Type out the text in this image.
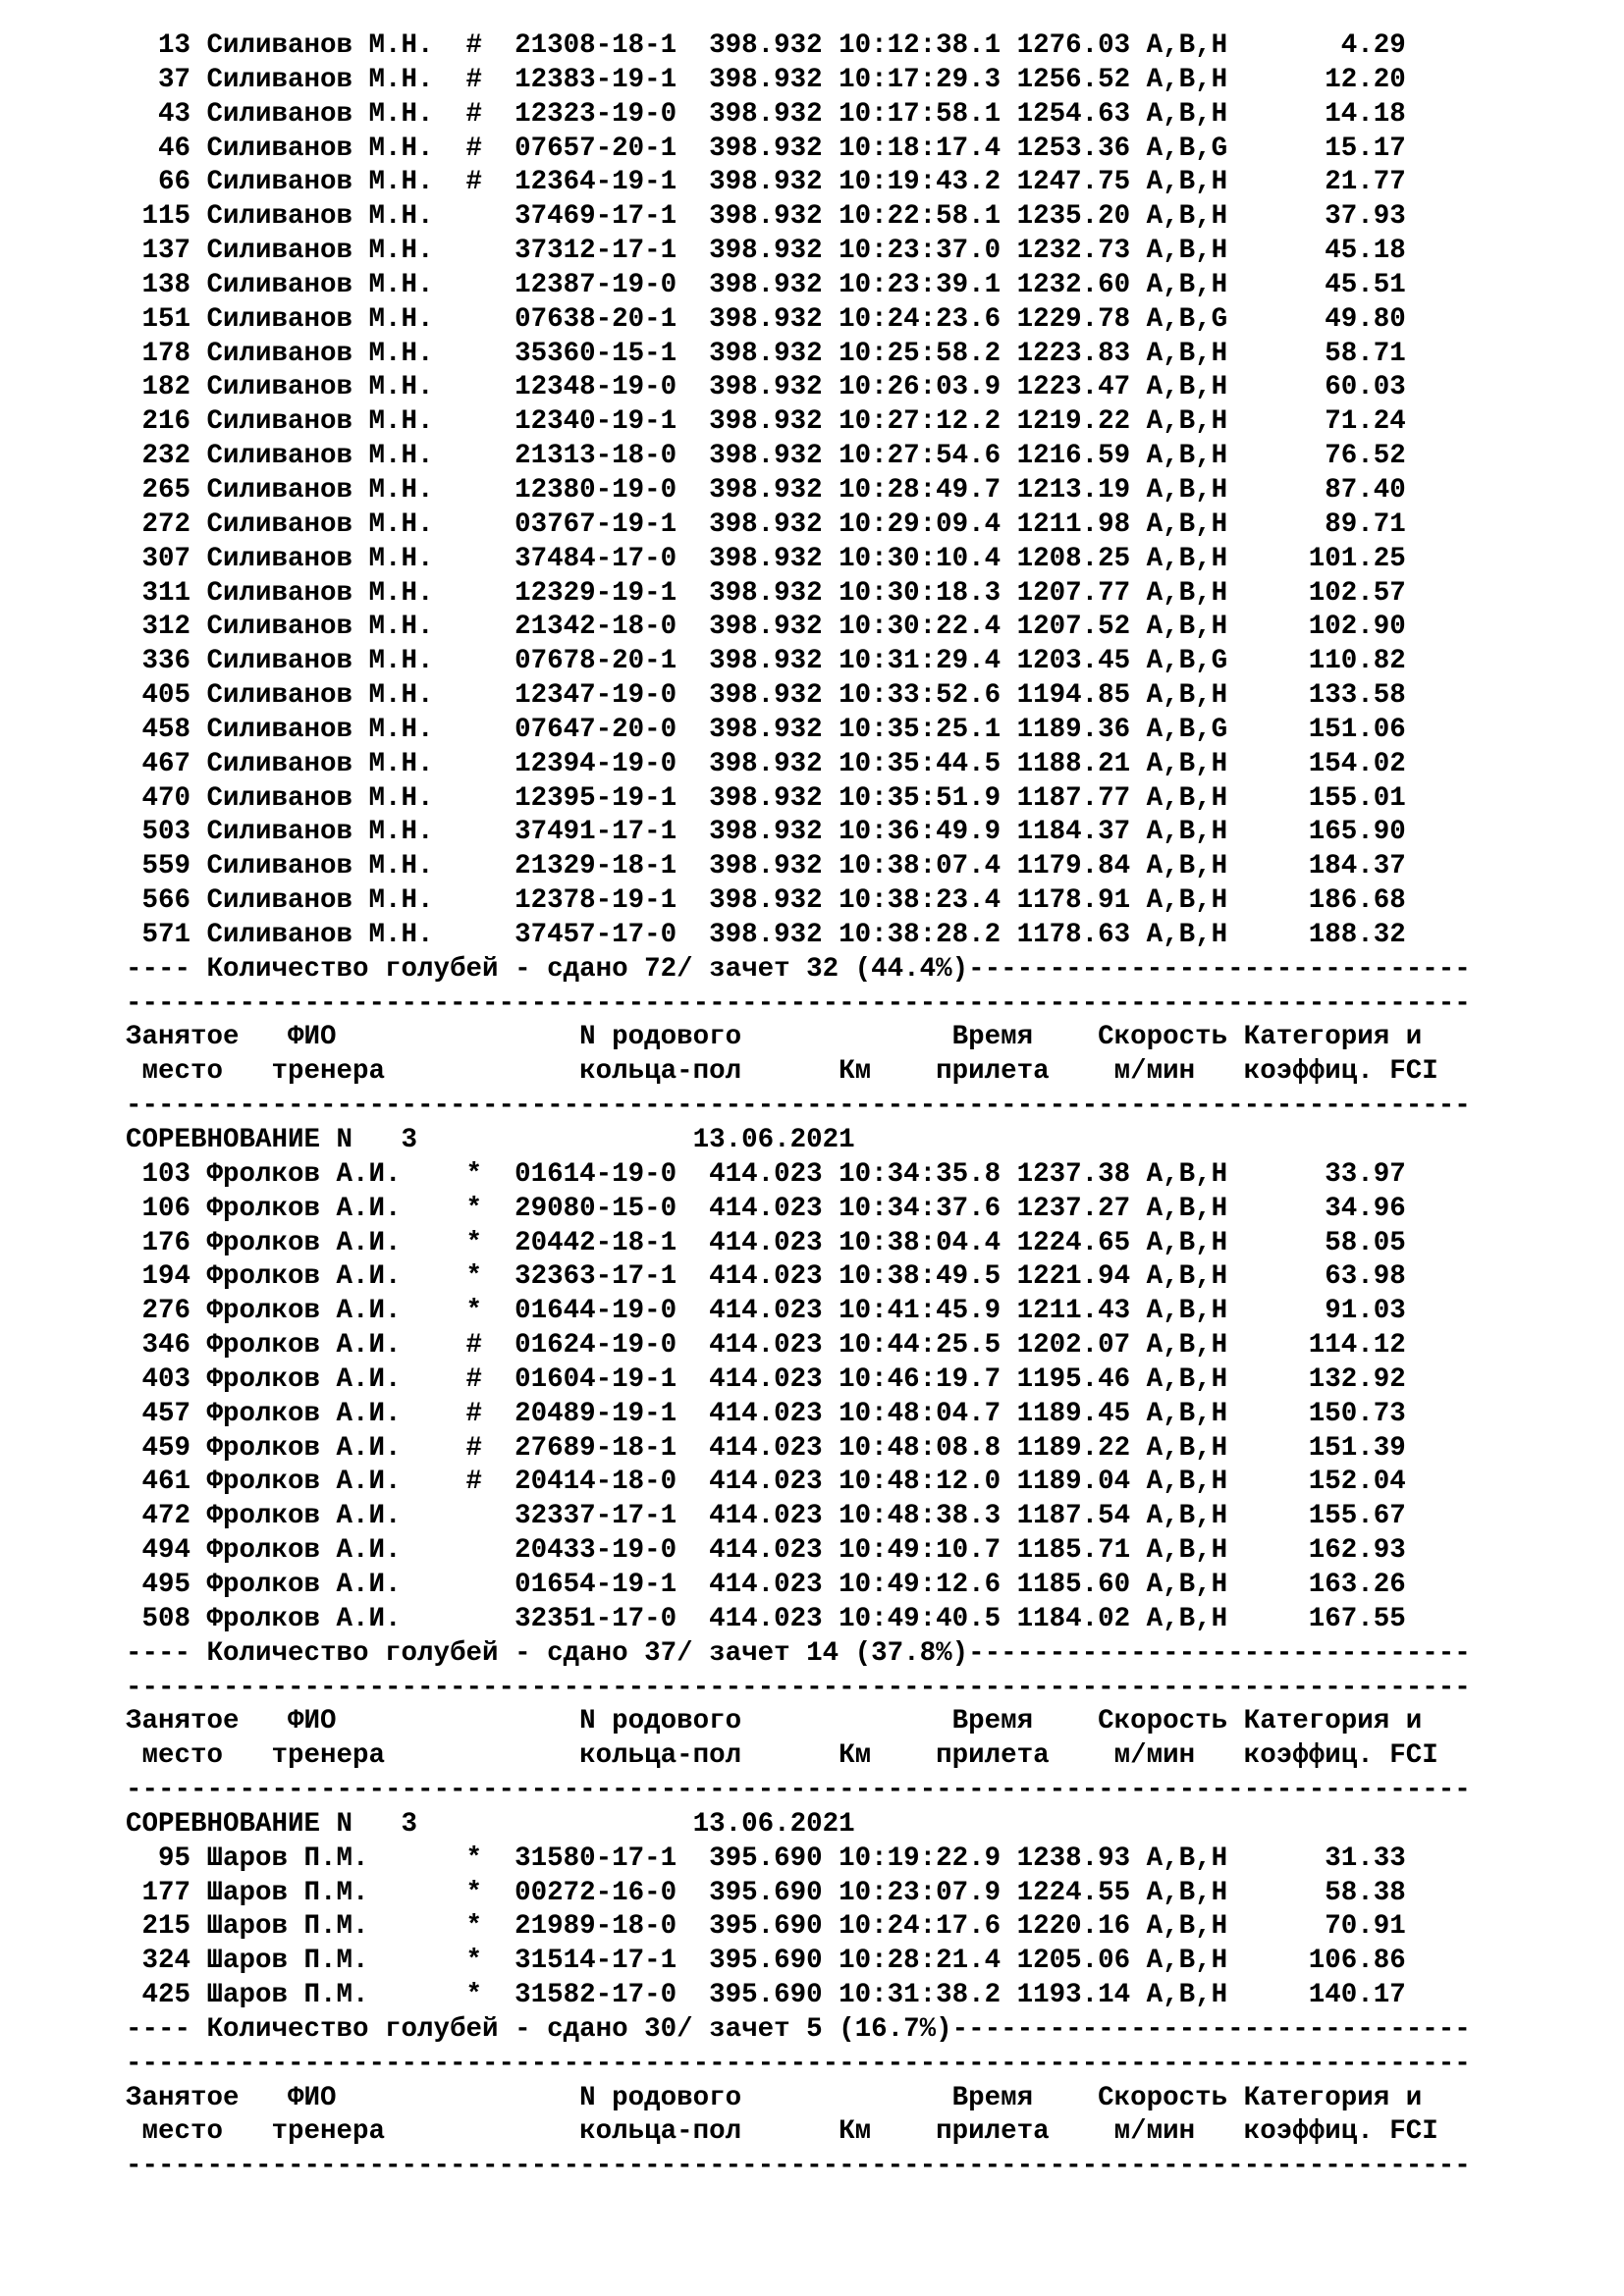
13 Силиванов М.Н.  #  21308-18-1  398.932 10:12:38.1 1276.03 A,B,H       4.29
37 Силиванов М.Н.  #  12383-19-1  398.932 10:17:29.3 1256.52 A,B,H      12.20
43 Силиванов М.Н.  #  12323-19-0  398.932 10:17:58.1 1254.63 A,B,H      14.18
46 Силиванов М.Н.  #  07657-20-1  398.932 10:18:17.4 1253.36 A,B,G      15.17
66 Силиванов М.Н.  #  12364-19-1  398.932 10:19:43.2 1247.75 A,B,H      21.77
115 Силиванов М.Н.     37469-17-1  398.932 10:22:58.1 1235.20 A,B,H      37.93
137 Силиванов М.Н.     37312-17-1  398.932 10:23:37.0 1232.73 A,B,H      45.18
138 Силиванов М.Н.     12387-19-0  398.932 10:23:39.1 1232.60 A,B,H      45.51
151 Силиванов М.Н.     07638-20-1  398.932 10:24:23.6 1229.78 A,B,G      49.80
178 Силиванов М.Н.     35360-15-1  398.932 10:25:58.2 1223.83 A,B,H      58.71
182 Силиванов М.Н.     12348-19-0  398.932 10:26:03.9 1223.47 A,B,H      60.03
216 Силиванов М.Н.     12340-19-1  398.932 10:27:12.2 1219.22 A,B,H      71.24
232 Силиванов М.Н.     21313-18-0  398.932 10:27:54.6 1216.59 A,B,H      76.52
265 Силиванов М.Н.     12380-19-0  398.932 10:28:49.7 1213.19 A,B,H      87.40
272 Силиванов М.Н.     03767-19-1  398.932 10:29:09.4 1211.98 A,B,H      89.71
307 Силиванов М.Н.     37484-17-0  398.932 10:30:10.4 1208.25 A,B,H     101.25
311 Силиванов М.Н.     12329-19-1  398.932 10:30:18.3 1207.77 A,B,H     102.57
312 Силиванов М.Н.     21342-18-0  398.932 10:30:22.4 1207.52 A,B,H     102.90
336 Силиванов М.Н.     07678-20-1  398.932 10:31:29.4 1203.45 A,B,G     110.82
405 Силиванов М.Н.     12347-19-0  398.932 10:33:52.6 1194.85 A,B,H     133.58
458 Силиванов М.Н.     07647-20-0  398.932 10:35:25.1 1189.36 A,B,G     151.06
467 Силиванов М.Н.     12394-19-0  398.932 10:35:44.5 1188.21 A,B,H     154.02
470 Силиванов М.Н.     12395-19-1  398.932 10:35:51.9 1187.77 A,B,H     155.01
503 Силиванов М.Н.     37491-17-1  398.932 10:36:49.9 1184.37 A,B,H     165.90
559 Силиванов М.Н.     21329-18-1  398.932 10:38:07.4 1179.84 A,B,H     184.37
566 Силиванов М.Н.     12378-19-1  398.932 10:38:23.4 1178.91 A,B,H     186.68
571 Силиванов М.Н.     37457-17-0  398.932 10:38:28.2 1178.63 A,B,H     188.32
---- Количество голубей - сдано 72/ зачет 32 (44.4%)-------------------------------
-----------------------------------------------------------------------------------
Занятое   ФИО               N родового             Время    Скорость Категория и
место   тренера            кольца-пол      Км    прилета    м/мин   коэффиц. FCI
-----------------------------------------------------------------------------------
СОРЕВНОВАНИЕ N   3                 13.06.2021
103 Фролков А.И.    *  01614-19-0  414.023 10:34:35.8 1237.38 A,B,H      33.97
106 Фролков А.И.    *  29080-15-0  414.023 10:34:37.6 1237.27 A,B,H      34.96
176 Фролков А.И.    *  20442-18-1  414.023 10:38:04.4 1224.65 A,B,H      58.05
194 Фролков А.И.    *  32363-17-1  414.023 10:38:49.5 1221.94 A,B,H      63.98
276 Фролков А.И.    *  01644-19-0  414.023 10:41:45.9 1211.43 A,B,H      91.03
346 Фролков А.И.    #  01624-19-0  414.023 10:44:25.5 1202.07 A,B,H     114.12
403 Фролков А.И.    #  01604-19-1  414.023 10:46:19.7 1195.46 A,B,H     132.92
457 Фролков А.И.    #  20489-19-1  414.023 10:48:04.7 1189.45 A,B,H     150.73
459 Фролков А.И.    #  27689-18-1  414.023 10:48:08.8 1189.22 A,B,H     151.39
461 Фролков А.И.    #  20414-18-0  414.023 10:48:12.0 1189.04 A,B,H     152.04
472 Фролков А.И.       32337-17-1  414.023 10:48:38.3 1187.54 A,B,H     155.67
494 Фролков А.И.       20433-19-0  414.023 10:49:10.7 1185.71 A,B,H     162.93
495 Фролков А.И.       01654-19-1  414.023 10:49:12.6 1185.60 A,B,H     163.26
508 Фролков А.И.       32351-17-0  414.023 10:49:40.5 1184.02 A,B,H     167.55
---- Количество голубей - сдано 37/ зачет 14 (37.8%)-------------------------------
-----------------------------------------------------------------------------------
Занятое   ФИО               N родового             Время    Скорость Категория и
место   тренера            кольца-пол      Км    прилета    м/мин   коэффиц. FCI
-----------------------------------------------------------------------------------
СОРЕВНОВАНИЕ N   3                 13.06.2021
95 Шаров П.М.      *  31580-17-1  395.690 10:19:22.9 1238.93 A,B,H      31.33
177 Шаров П.М.      *  00272-16-0  395.690 10:23:07.9 1224.55 A,B,H      58.38
215 Шаров П.М.      *  21989-18-0  395.690 10:24:17.6 1220.16 A,B,H      70.91
324 Шаров П.М.      *  31514-17-1  395.690 10:28:21.4 1205.06 A,B,H     106.86
425 Шаров П.М.      *  31582-17-0  395.690 10:31:38.2 1193.14 A,B,H     140.17
---- Количество голубей - сдано 30/ зачет 5 (16.7%)--------------------------------
-----------------------------------------------------------------------------------
Занятое   ФИО               N родового             Время    Скорость Категория и
место   тренера            кольца-пол      Км    прилета    м/мин   коэффиц. FCI
-----------------------------------------------------------------------------------
